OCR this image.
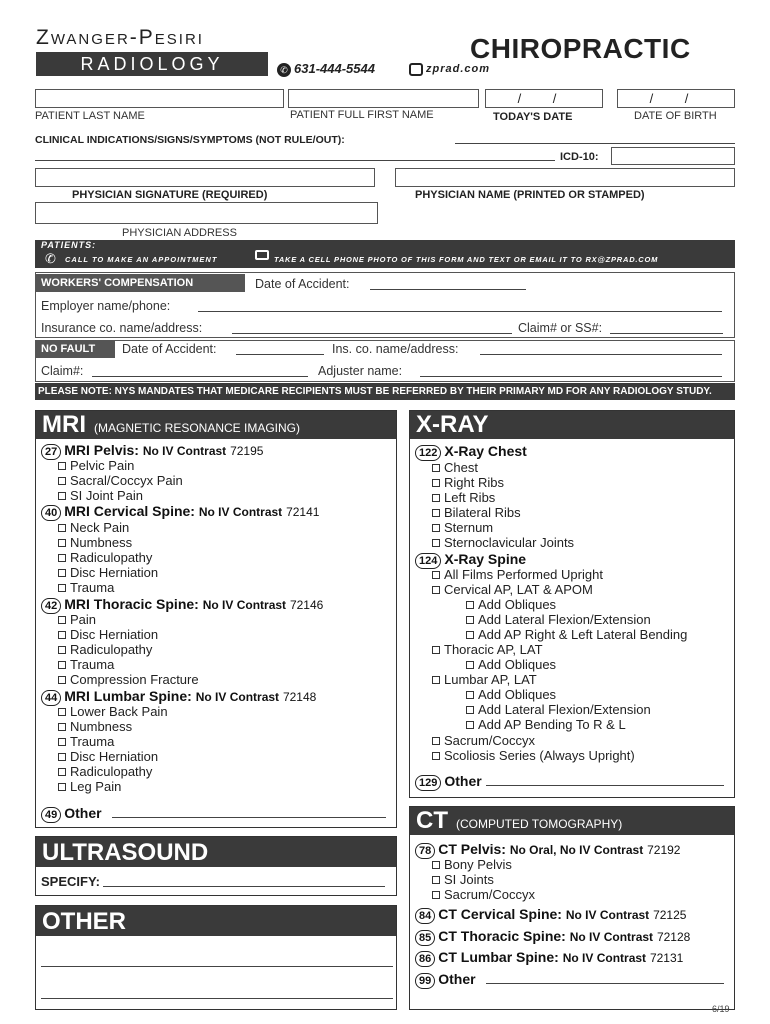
Zwanger-Pesiri
RADIOLOGY	✆ 631-444-5544	zprad.com
CHIROPRACTIC
PATIENT LAST NAME	PATIENT FULL FIRST NAME
/ /
TODAY'S DATE
/ /
DATE OF BIRTH
CLINICAL INDICATIONS/SIGNS/SYMPTOMS (NOT RULE/OUT):
ICD-10:
PHYSICIAN SIGNATURE (REQUIRED)	PHYSICIAN NAME (PRINTED OR STAMPED)
PHYSICIAN ADDRESS
PATIENTS:
✆ CALL TO MAKE AN APPOINTMENT	TAKE A CELL PHONE PHOTO OF THIS FORM AND TEXT OR EMAIL IT TO RX@ZPRAD.COM
WORKERS' COMPENSATION	Date of Accident:
Employer name/phone:
Insurance co. name/address:	Claim# or SS#:
NO FAULT	Date of Accident:	Ins. co. name/address:
Claim#:	Adjuster name:
PLEASE NOTE: NYS MANDATES THAT MEDICARE RECIPIENTS MUST BE REFERRED BY THEIR PRIMARY MD FOR ANY RADIOLOGY STUDY.
MRI (MAGNETIC RESONANCE IMAGING)
27 MRI Pelvis: No IV Contrast 72195
Pelvic Pain
Sacral/Coccyx Pain
SI Joint Pain
40 MRI Cervical Spine: No IV Contrast 72141
Neck Pain
Numbness
Radiculopathy
Disc Herniation
Trauma
42 MRI Thoracic Spine: No IV Contrast 72146
Pain
Disc Herniation
Radiculopathy
Trauma
Compression Fracture
44 MRI Lumbar Spine: No IV Contrast 72148
Lower Back Pain
Numbness
Trauma
Disc Herniation
Radiculopathy
Leg Pain
49 Other
ULTRASOUND
SPECIFY:
OTHER
X-RAY
122 X-Ray Chest
Chest
Right Ribs
Left Ribs
Bilateral Ribs
Sternum
Sternoclavicular Joints
124 X-Ray Spine
All Films Performed Upright
Cervical AP, LAT & APOM
Add Obliques
Add Lateral Flexion/Extension
Add AP Right & Left Lateral Bending
Thoracic AP, LAT
Add Obliques
Lumbar AP, LAT
Add Obliques
Add Lateral Flexion/Extension
Add AP Bending To R & L
Sacrum/Coccyx
Scoliosis Series (Always Upright)
129 Other
CT (COMPUTED TOMOGRAPHY)
78 CT Pelvis: No Oral, No IV Contrast 72192
Bony Pelvis
SI Joints
Sacrum/Coccyx
84 CT Cervical Spine: No IV Contrast 72125
85 CT Thoracic Spine: No IV Contrast 72128
86 CT Lumbar Spine: No IV Contrast 72131
99 Other
6/19
